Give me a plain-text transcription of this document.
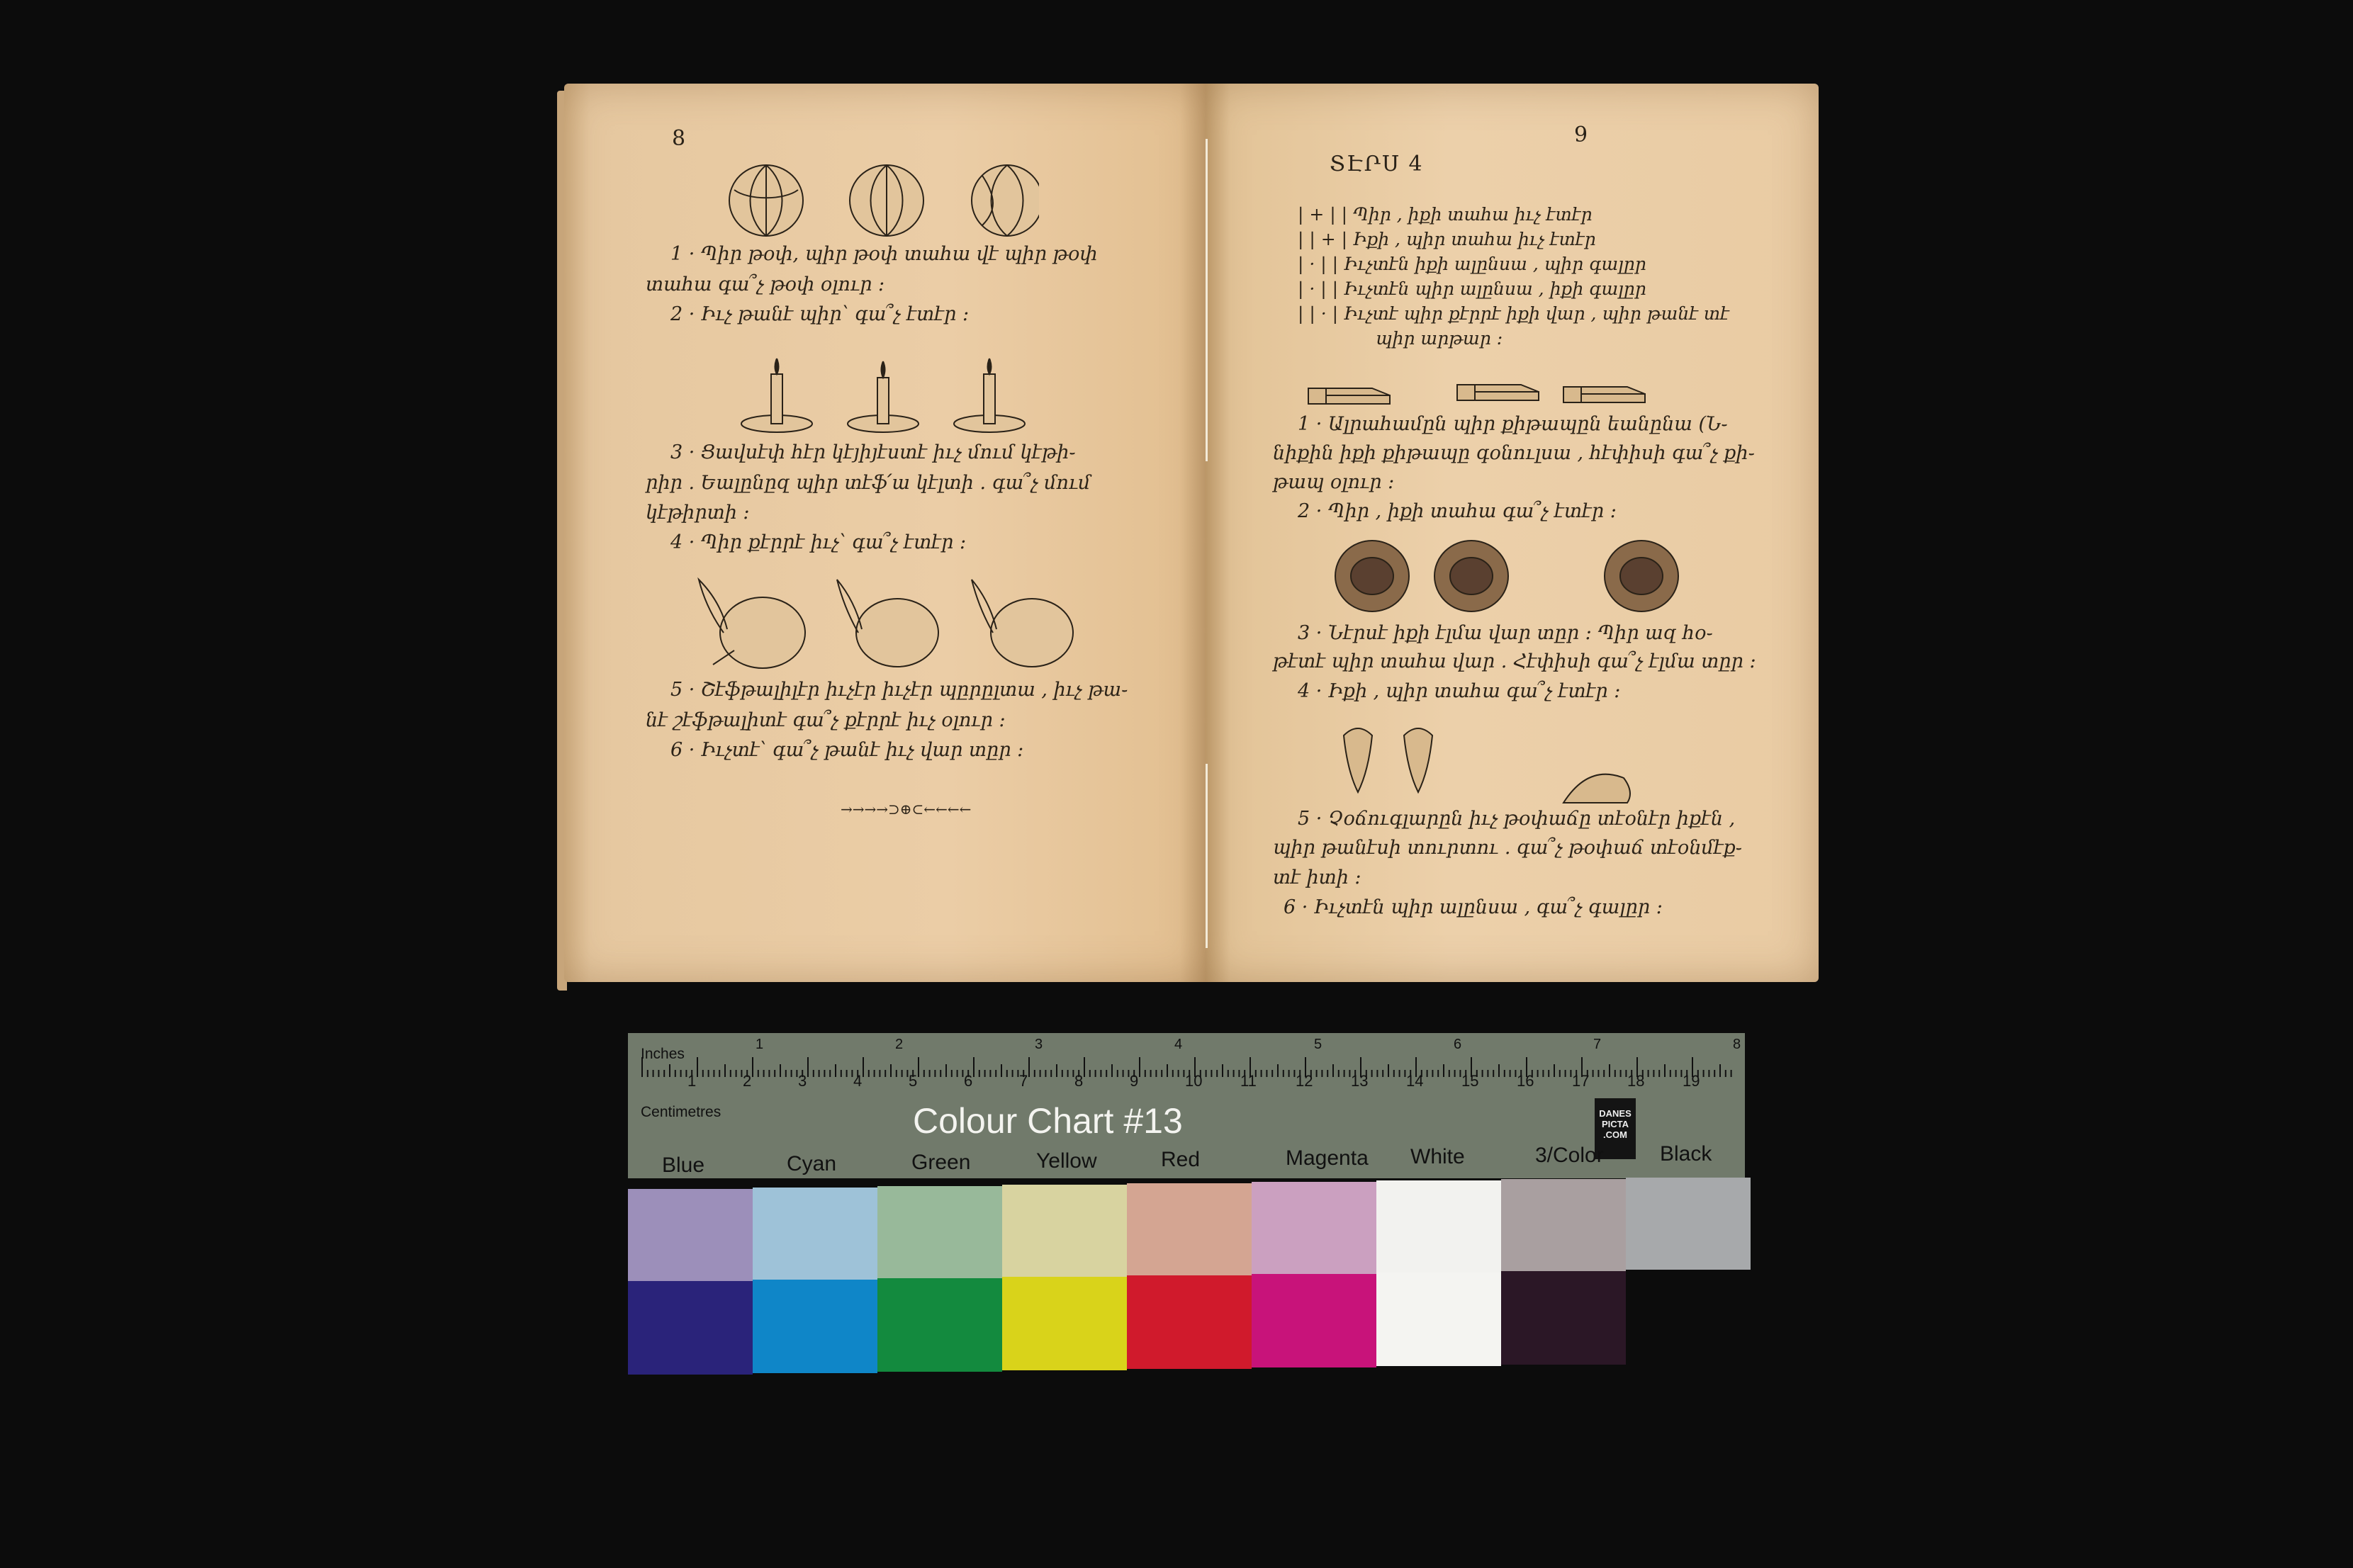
8
1 · Պիր թօփ, պիր թօփ տահա վէ պիր թօփ
տահա գա՞չ թօփ օլուր ։
2 · Իւչ թանէ պիր՝ գա՞չ էտէր ։
3 · Ցավսէփ հէր կէյիյէստէ իւչ մում կէթի֊
րիր . Եալընըզ պիր տէֆ՛ա կէլտի ․ գա՞չ մում
կէթիրտի ։
4 · Պիր քէրրէ իւչ՝ գա՞չ էտէր ։
5 · Շէֆթալիլէր իւչէր իւչէր պըրըլտա , իւչ թա֊
նէ շէֆթալիտէ գա՞չ քէրրէ իւչ օլուր ։
6 · Իւչտէ՝ գա՞չ թանէ իւչ վար տըր ։
→→→→⊃⊕⊂←←←←
9
ՏԷՐՍ 4
| + | | Պիր , իքի տահա իւչ էտէր
| | + | Իքի , պիր տահա իւչ էտէր
| · | | Իւչտէն իքի ալընսա , պիր գալըր
| · | | Իւչտէն պիր ալընսա , իքի գալըր
| | · | Իւչտէ պիր քէրրէ իքի վար , պիր թանէ տէ
պիր արթար ։
1 · Ալրահամըն պիր քիթապըն եանընա (Ն֊
նիքին իքի քիթապը գօնուլսա , հէփիսի գա՞չ քի֊
թապ օլուր ։
2 · Պիր , իքի տահա գա՞չ էտէր ։
3 · Նէրսէ իքի էլմա վար տըր ։ Պիր ազ հօ֊
թէտէ պիր տահա վար . Հէփիսի գա՞չ էլմա տըր ։
4 · Իքի , պիր տահա գա՞չ էտէր ։
5 · Չօճուգլարըն իւչ թօփաճը տէօնէր իքէն ,
պիր թանէսի տուրտու . գա՞չ թօփաճ տէօնմէք֊
տէ իտի ։
6 · Իւչտէն պիր ալընսա , գա՞չ գալըր ։
Inches
Centimetres
1	2	3	4	5	6	7	8
1	2	3	4	5	6	7	8	9	10 11	12 13 14 15 16 17 18 19
Colour Chart #13	DANES PICTA .COM
Blue	Cyan	Green	Yellow	Red	Magenta White	3/Color	Black
